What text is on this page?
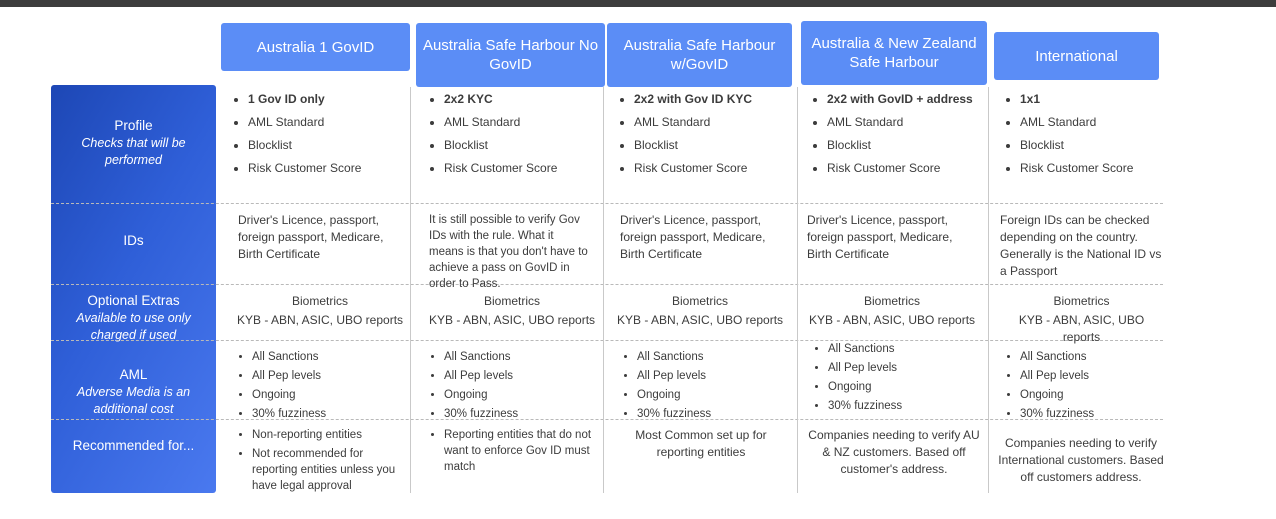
Australia 1 GovID	Australia Safe Harbour No GovID
Australia Safe Harbour w/GovID
Australia & New Zealand Safe Harbour	International
Profile
Checks that will be performed
IDs
Optional Extras
Available to use only charged if used
AML
Adverse Media is an additional cost
Recommended for...
• 1 Gov ID only
• AML Standard
• Blocklist
• Risk Customer Score
• 2x2 KYC
• AML Standard
• Blocklist
• Risk Customer Score
• 2x2 with Gov ID KYC
• AML Standard
• Blocklist
• Risk Customer Score
• 2x2 with GovID + address
• AML Standard
• Blocklist
• Risk Customer Score
• 1x1
• AML Standard
• Blocklist
• Risk Customer Score

Driver's Licence, passport, foreign passport, Medicare, Birth Certificate

It is still possible to verify Gov IDs with the rule. What it means is that you don't have to achieve a pass on GovID in order to Pass.

Driver's Licence, passport, foreign passport, Medicare, Birth Certificate

Driver's Licence, passport, foreign passport, Medicare, Birth Certificate

Foreign IDs can be checked depending on the country. Generally is the National ID vs a Passport

Biometrics

KYB - ABN, ASIC, UBO reports

Biometrics

KYB - ABN, ASIC, UBO reports

Biometrics

KYB - ABN, ASIC, UBO reports

Biometrics

KYB - ABN, ASIC, UBO reports

Biometrics

KYB - ABN, ASIC, UBO reports

• All Sanctions
• All Pep levels
• Ongoing
• 30% fuzziness
• All Sanctions
• All Pep levels
• Ongoing
• 30% fuzziness
• All Sanctions
• All Pep levels
• Ongoing
• 30% fuzziness
• All Sanctions
• All Pep levels
• Ongoing
• 30% fuzziness
• All Sanctions
• All Pep levels
• Ongoing
• 30% fuzziness
• Non-reporting entities
• Not recommended for reporting entities unless you have legal approval
• Reporting entities that do not want to enforce Gov ID must match

Most Common set up for reporting entities

Companies needing to verify AU & NZ customers. Based off customer's address.

Companies needing to verify International customers. Based off customers address.
